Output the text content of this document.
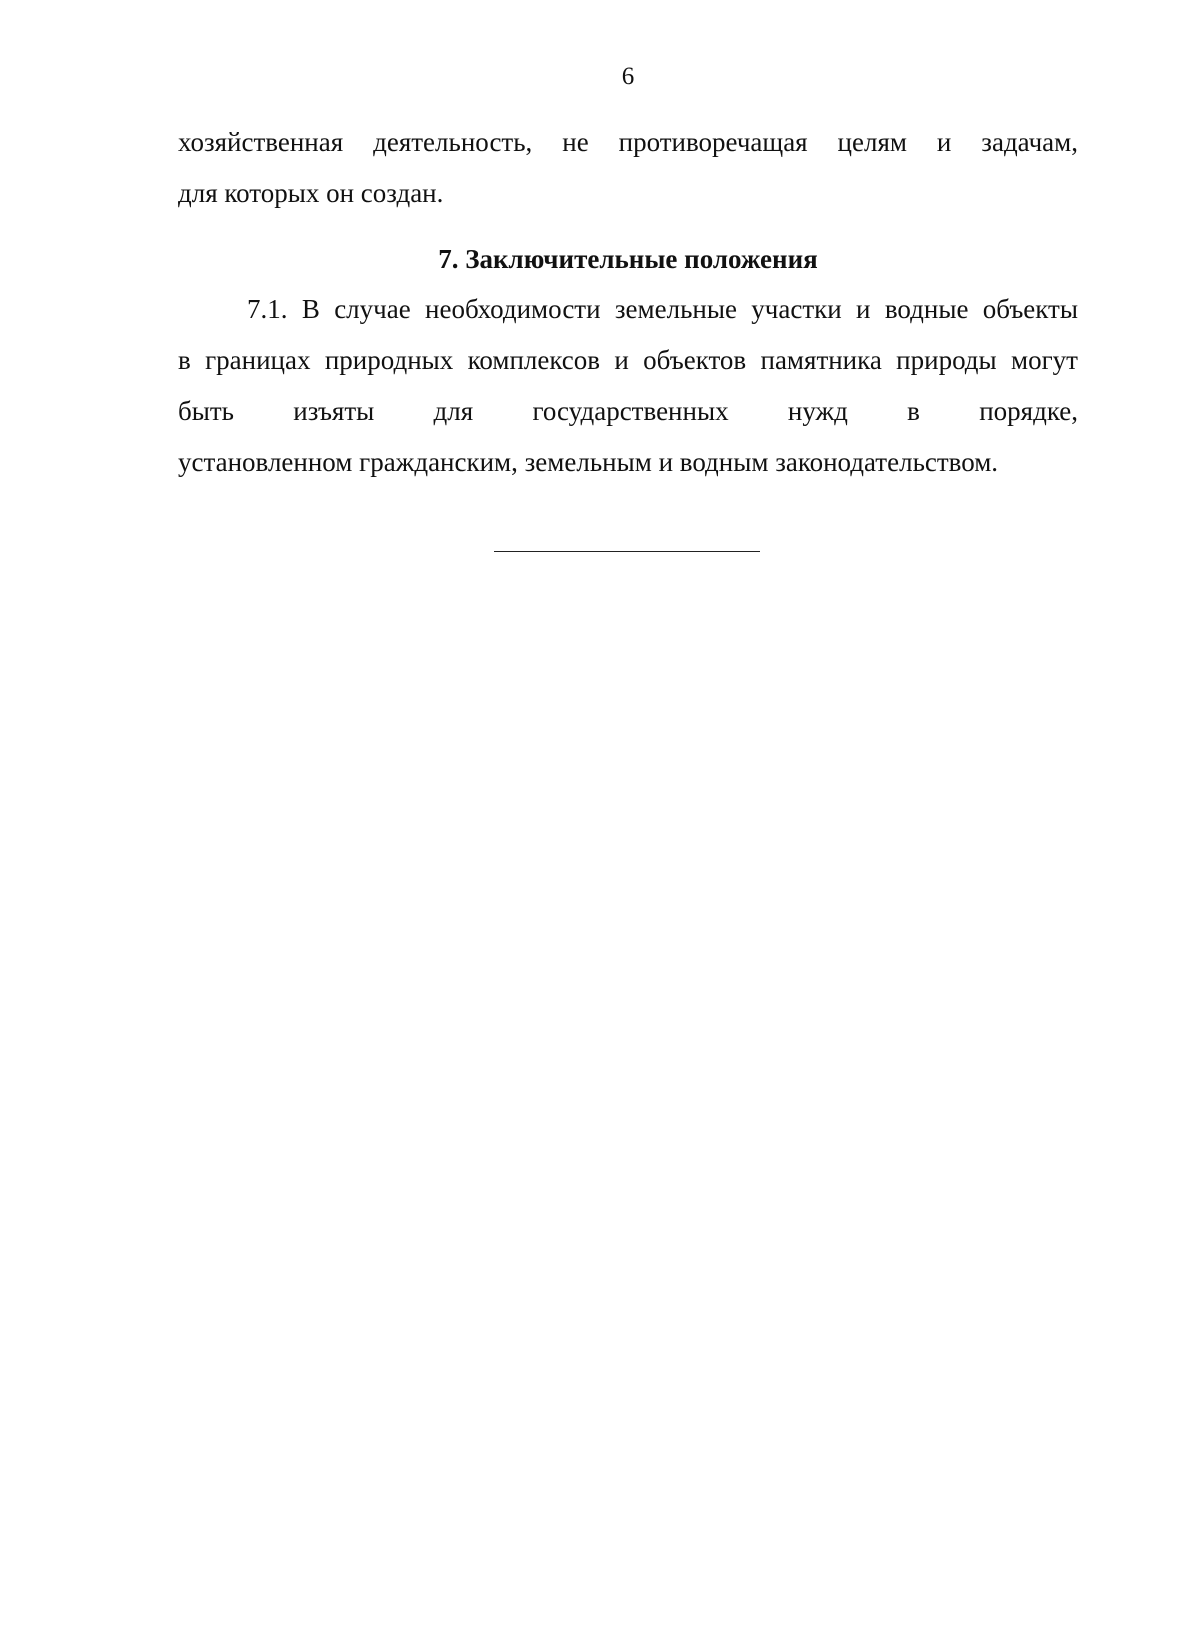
6
хозяйственная деятельность, не противоречащая целям и задачам,
для которых он создан.
7. Заключительные положения
7.1. В случае необходимости земельные участки и водные объекты
в границах природных комплексов и объектов памятника природы могут
быть изъяты для государственных нужд в порядке,
установленном гражданским, земельным и водным законодательством.
